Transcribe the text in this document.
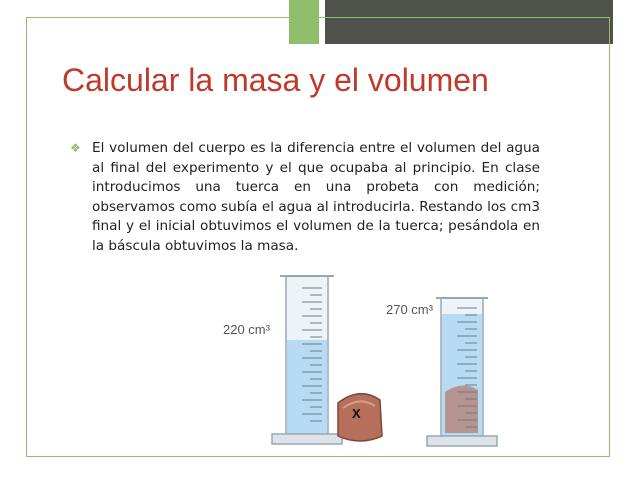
Calcular la masa y el volumen
❖ El volumen del cuerpo es la diferencia entre el volumen del agua al final del experimento y el que ocupaba al principio. En clase introducimos una tuerca en una probeta con medición; observamos como subía el agua al introducirla. Restando los cm3 final y el inicial obtuvimos el volumen de la tuerca; pesándola en la báscula obtuvimos la masa.
220 cm³
270 cm³
X
